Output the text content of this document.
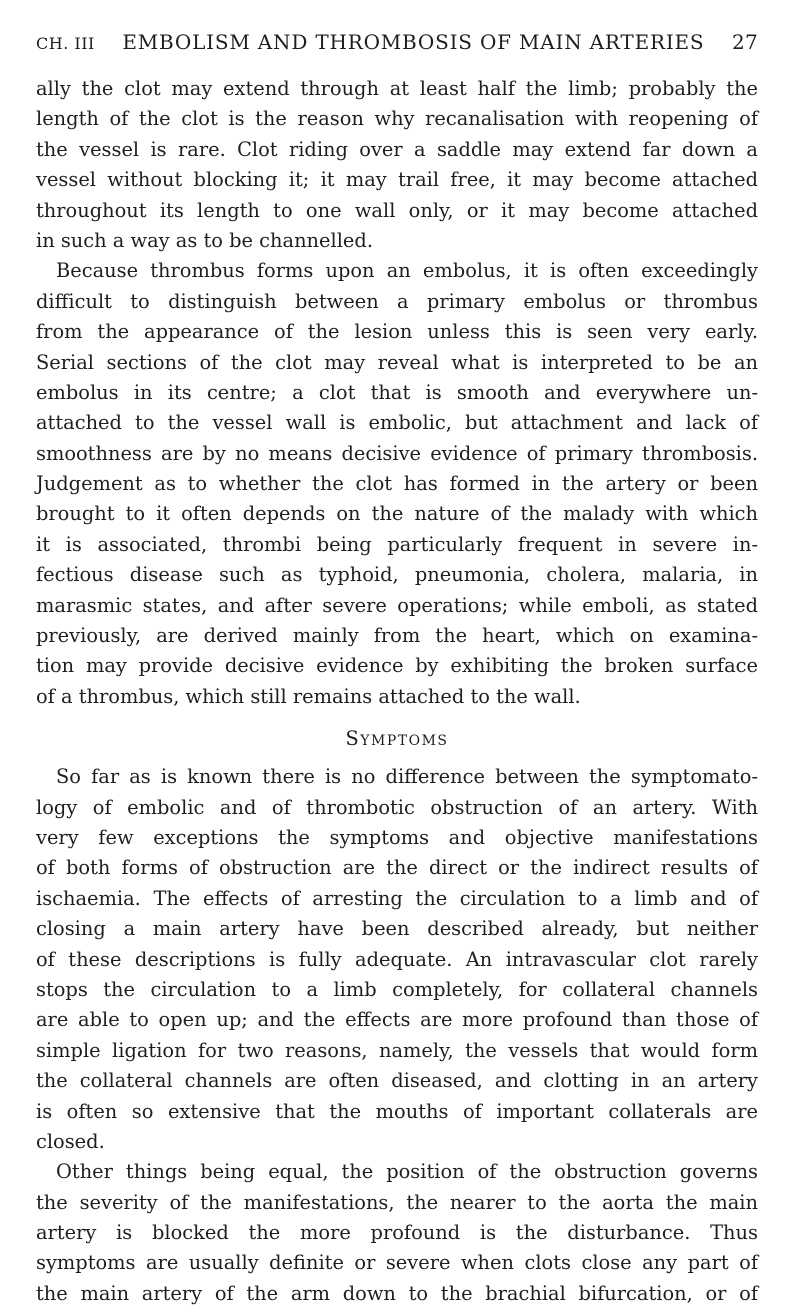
CH. III	EMBOLISM AND THROMBOSIS OF MAIN ARTERIES	27

ally the clot may extend through at least half the limb; probably the
length of the clot is the reason why recanalisation with reopening of
the vessel is rare. Clot riding over a saddle may extend far down a
vessel without blocking it; it may trail free, it may become attached
throughout its length to one wall only, or it may become attached
in such a way as to be channelled.

Because thrombus forms upon an embolus, it is often exceedingly
difficult to distinguish between a primary embolus or thrombus
from the appearance of the lesion unless this is seen very early.
Serial sections of the clot may reveal what is interpreted to be an
embolus in its centre; a clot that is smooth and everywhere un-
attached to the vessel wall is embolic, but attachment and lack of
smoothness are by no means decisive evidence of primary thrombosis.
Judgement as to whether the clot has formed in the artery or been
brought to it often depends on the nature of the malady with which
it is associated, thrombi being particularly frequent in severe in-
fectious disease such as typhoid, pneumonia, cholera, malaria, in
marasmic states, and after severe operations; while emboli, as stated
previously, are derived mainly from the heart, which on examina-
tion may provide decisive evidence by exhibiting the broken surface
of a thrombus, which still remains attached to the wall.

Symptoms

So far as is known there is no difference between the symptomato-
logy of embolic and of thrombotic obstruction of an artery. With
very few exceptions the symptoms and objective manifestations
of both forms of obstruction are the direct or the indirect results of
ischaemia. The effects of arresting the circulation to a limb and of
closing a main artery have been described already, but neither
of these descriptions is fully adequate. An intravascular clot rarely
stops the circulation to a limb completely, for collateral channels
are able to open up; and the effects are more profound than those of
simple ligation for two reasons, namely, the vessels that would form
the collateral channels are often diseased, and clotting in an artery
is often so extensive that the mouths of important collaterals are
closed.

Other things being equal, the position of the obstruction governs
the severity of the manifestations, the nearer to the aorta the main
artery is blocked the more profound is the disturbance. Thus
symptoms are usually definite or severe when clots close any part of
the main artery of the arm down to the brachial bifurcation, or of
